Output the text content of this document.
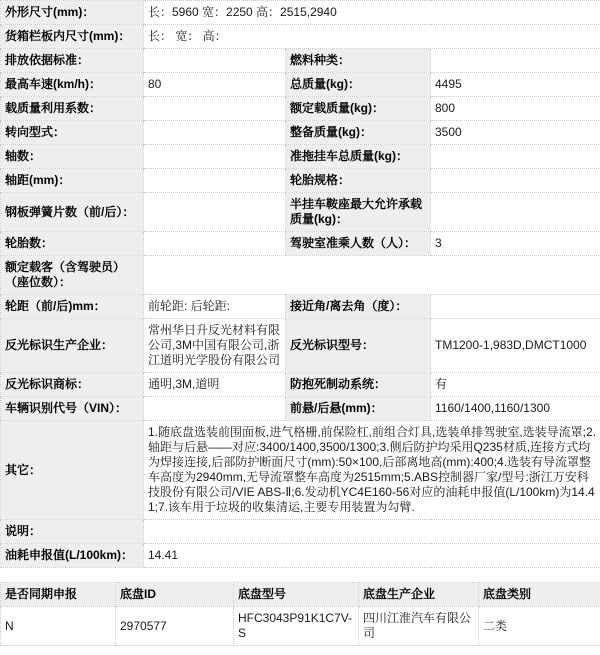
外形尺寸(mm)：	长：5960 宽：2250 高：2515,2940		
货箱栏板内尺寸(mm)：	长： 宽： 高：		
排放依据标准：		燃料种类：	
最高车速(km/h)：	80	总质量(kg)：	4495
载质量利用系数：		额定载质量(kg)：	800
转向型式：		整备质量(kg)：	3500
轴数：		准拖挂车总质量(kg)：	
轴距(mm)：		轮胎规格：	
钢板弹簧片数（前/后）：		半挂车鞍座最大允许承载质量(kg)：	
轮胎数：		驾驶室准乘人数（人）：	3
额定载客（含驾驶员）（座位数）：			
轮距（前/后)mm：	前轮距: 后轮距:	接近角/离去角（度）：	
反光标识生产企业：	常州华日升反光材料有限公司,3M中国有限公司,浙江道明光学股份有限公司	反光标识型号：	TM1200-1,983D,DMCT1000
反光标识商标：	通明,3M,道明	防抱死制动系统：	有
车辆识别代号（VIN）：		前悬/后悬(mm)：	1160/1400,1160/1300
其它：	1.随底盘选装前围面板,进气格栅,前保险杠,前组合灯具,选装单排驾驶室,选装导流罩;2.轴距与后悬——对应:3400/1400,3500/1300;3.侧后防护均采用Q235材质,连接方式均为焊接连接,后部防护断面尺寸(mm):50×100,后部离地高(mm):400;4.选装有导流罩整车高度为2940mm,无导流罩整车高度为2515mm;5.ABS控制器厂家/型号:浙江万安科技股份有限公司/VIE ABS-Ⅱ;6.发动机YC4E160-56对应的油耗申报值(L/100km)为14.41;7.该车用于垃圾的收集清运,主要专用装置为勾臂.		
说明：			
油耗申报值(L/100km)：	14.41		
是否同期申报	底盘ID	底盘型号	底盘生产企业	底盘类别
N	2970577	HFC3043P91K1C7V-S	四川江淮汽车有限公司	二类
